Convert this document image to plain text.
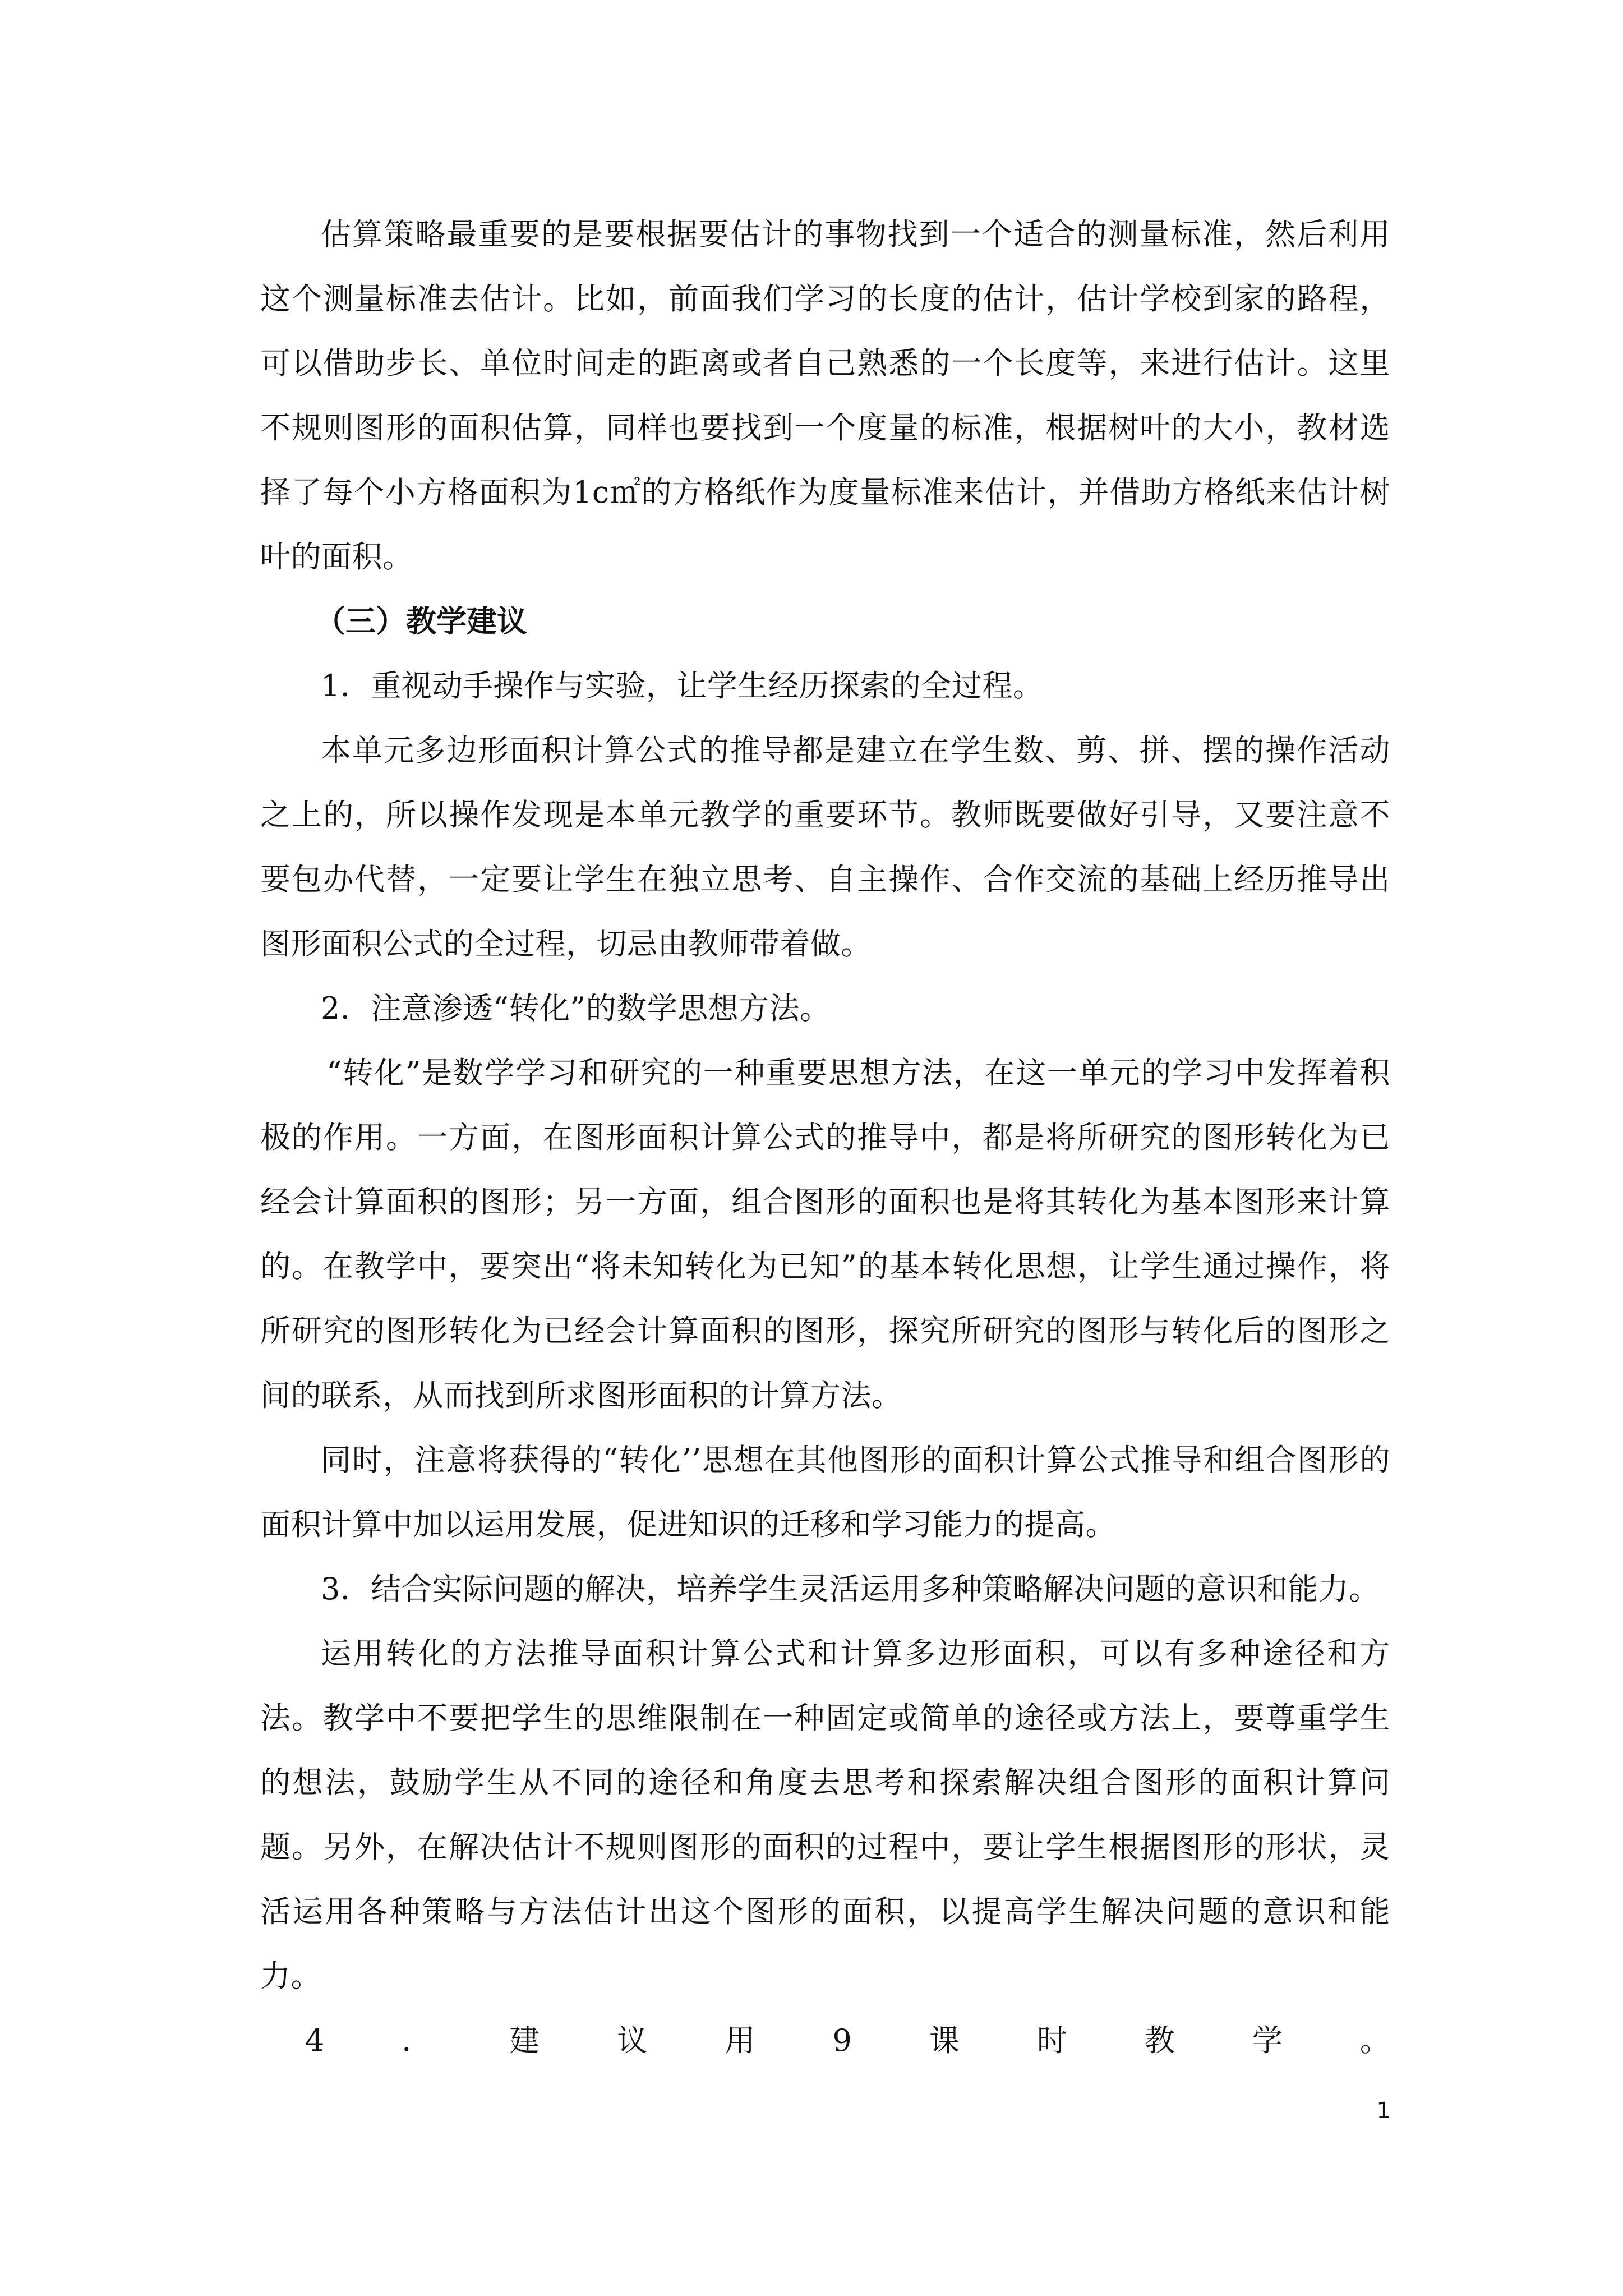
估算策略最重要的是要根据要估计的事物找到一个适合的测量标准，然后利用这个测量标准去估计。比如，前面我们学习的长度的估计，估计学校到家的路程，可以借助步长、单位时间走的距离或者自己熟悉的一个长度等，来进行估计。这里不规则图形的面积估算，同样也要找到一个度量的标准，根据树叶的大小，教材选择了每个小方格面积为1c㎡的方格纸作为度量标准来估计，并借助方格纸来估计树叶的面积。

（三）教学建议

1．重视动手操作与实验，让学生经历探索的全过程。

本单元多边形面积计算公式的推导都是建立在学生数、剪、拼、摆的操作活动之上的，所以操作发现是本单元教学的重要环节。教师既要做好引导，又要注意不要包办代替，一定要让学生在独立思考、自主操作、合作交流的基础上经历推导出图形面积公式的全过程，切忌由教师带着做。

2．注意渗透“转化”的数学思想方法。

“转化”是数学学习和研究的一种重要思想方法，在这一单元的学习中发挥着积极的作用。一方面，在图形面积计算公式的推导中，都是将所研究的图形转化为已经会计算面积的图形；另一方面，组合图形的面积也是将其转化为基本图形来计算的。在教学中，要突出“将未知转化为已知”的基本转化思想，让学生通过操作，将所研究的图形转化为已经会计算面积的图形，探究所研究的图形与转化后的图形之间的联系，从而找到所求图形面积的计算方法。

同时，注意将获得的“转化’’思想在其他图形的面积计算公式推导和组合图形的面积计算中加以运用发展，促进知识的迁移和学习能力的提高。

3．结合实际问题的解决，培养学生灵活运用多种策略解决问题的意识和能力。

运用转化的方法推导面积计算公式和计算多边形面积，可以有多种途径和方法。教学中不要把学生的思维限制在一种固定或简单的途径或方法上，要尊重学生的想法，鼓励学生从不同的途径和角度去思考和探索解决组合图形的面积计算问题。另外，在解决估计不规则图形的面积的过程中，要让学生根据图形的形状，灵活运用各种策略与方法估计出这个图形的面积，以提高学生解决问题的意识和能力。

4	．	建	议	用	9	课	时	教	学	。

1
